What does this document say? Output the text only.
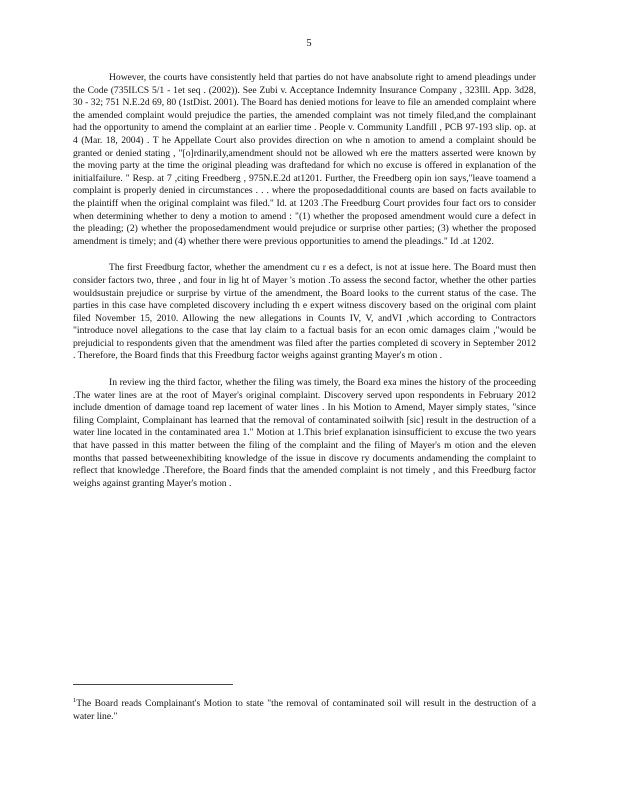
5

However, the courts have consistently held that parties do not have anabsolute right to amend pleadings under the Code (735ILCS 5/1 - 1et seq . (2002)). See Zubi v. Acceptance Indemnity Insurance Company , 323Ill. App. 3d28, 30 - 32; 751 N.E.2d 69, 80 (1stDist. 2001). The Board has denied motions for leave to file an amended complaint where the amended complaint would prejudice the parties, the amended complaint was not timely filed,and the complainant had the opportunity to amend the complaint at an earlier time . People v. Community Landfill , PCB 97-193 slip. op. at 4 (Mar. 18, 2004) . T he Appellate Court also provides direction on whe n amotion to amend a complaint should be granted or denied stating , "[o]rdinarily,amendment should not be allowed wh ere the matters asserted were known by the moving party at the time the original pleading was draftedand for which no excuse is offered in explanation of the initialfailure. " Resp. at 7 ,citing Freedberg , 975N.E.2d at1201. Further, the Freedberg opin ion says,"leave toamend a complaint is properly denied in circumstances . . . where the proposedadditional counts are based on facts available to the plaintiff when the original complaint was filed." Id. at 1203 .The Freedburg Court provides four fact ors to consider when determining whether to deny a motion to amend : "(1) whether the proposed amendment would cure a defect in the pleading; (2) whether the proposedamendment would prejudice or surprise other parties; (3) whether the proposed amendment is timely; and (4) whether there were previous opportunities to amend the pleadings." Id .at 1202.

The first Freedburg factor, whether the amendment cu r es a defect, is not at issue here. The Board must then consider factors two, three , and four in lig ht of Mayer 's motion .To assess the second factor, whether the other parties wouldsustain prejudice or surprise by virtue of the amendment, the Board looks to the current status of the case. The parties in this case have completed discovery including th e expert witness discovery based on the original com plaint filed November 15, 2010. Allowing the new allegations in Counts IV, V, andVI ,which according to Contractors "introduce novel allegations to the case that lay claim to a factual basis for an econ omic damages claim ,"would be prejudicial to respondents given that the amendment was filed after the parties completed di scovery in September 2012 . Therefore, the Board finds that this Freedburg factor weighs against granting Mayer's m otion .

In review ing the third factor, whether the filing was timely, the Board exa mines the history of the proceeding .The water lines are at the root of Mayer's original complaint. Discovery served upon respondents in February 2012 include dmention of damage toand rep lacement of water lines . In his Motion to Amend, Mayer simply states, "since filing Complaint, Complainant has learned that the removal of contaminated soilwith [sic] result in the destruction of a water line located in the contaminated area 1." Motion at 1.This brief explanation isinsufficient to excuse the two years that have passed in this matter between the filing of the complaint and the filing of Mayer's m otion and the eleven months that passed betweenexhibiting knowledge of the issue in discove ry documents andamending the complaint to reflect that knowledge .Therefore, the Board finds that the amended complaint is not timely , and this Freedburg factor weighs against granting Mayer's motion .

$^1$The Board reads Complainant's Motion to state "the removal of contaminated soil will result in the destruction of a water line."
